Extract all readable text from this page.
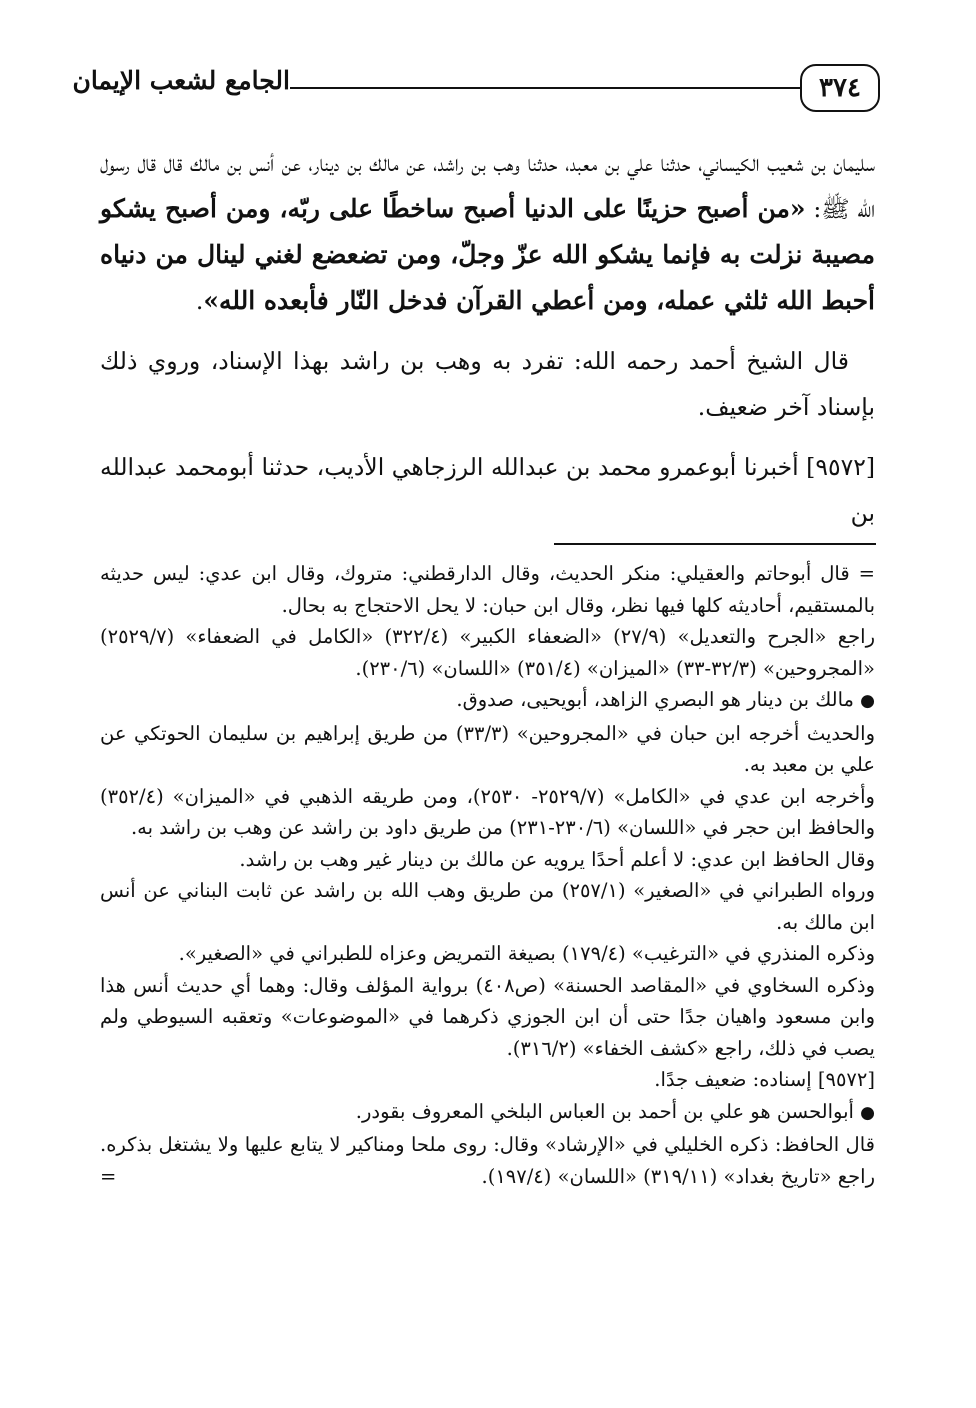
٣٧٤
الجامع لشعب الإيمان

سليمان بن شعيب الكيساني، حدثنا علي بن معبد، حدثنا وهب بن راشد، عن مالك بن دينار، عن أنس بن مالك قال قال رسول الله ﷺ: «من أصبح حزينًا على الدنيا أصبح ساخطًا على ربّه، ومن أصبح يشكو مصيبة نزلت به فإنما يشكو الله عزّ وجلّ، ومن تضعضع لغني لينال من دنياه أحبط الله ثلثي عمله، ومن أعطي القرآن فدخل النّار فأبعده الله».

قال الشيخ أحمد رحمه الله: تفرد به وهب بن راشد بهذا الإسناد، وروي ذلك بإسناد آخر ضعيف.

[٩٥٧٢] أخبرنا أبوعمرو محمد بن عبدالله الرزجاهي الأديب، حدثنا أبومحمد عبدالله بن

= قال أبوحاتم والعقيلي: منكر الحديث، وقال الدارقطني: متروك، وقال ابن عدي: ليس حديثه بالمستقيم، أحاديثه كلها فيها نظر، وقال ابن حبان: لا يحل الاحتجاج به بحال.

راجع «الجرح والتعديل» (٢٧/٩) «الضعفاء الكبير» (٣٢٢/٤) «الكامل في الضعفاء» (٢٥٢٩/٧) «المجروحين» (٣٢/٣-٣٣) «الميزان» (٣٥١/٤) «اللسان» (٢٣٠/٦).

● مالك بن دينار هو البصري الزاهد، أبويحيى، صدوق.

والحديث أخرجه ابن حبان في «المجروحين» (٣٣/٣) من طريق إبراهيم بن سليمان الحوتكي عن علي بن معبد به.

وأخرجه ابن عدي في «الكامل» (٢٥٢٩/٧- ٢٥٣٠)، ومن طريقه الذهبي في «الميزان» (٣٥٢/٤) والحافظ ابن حجر في «اللسان» (٢٣٠/٦-٢٣١) من طريق داود بن راشد عن وهب بن راشد به.

وقال الحافظ ابن عدي: لا أعلم أحدًا يرويه عن مالك بن دينار غير وهب بن راشد.

ورواه الطبراني في «الصغير» (٢٥٧/١) من طريق وهب الله بن راشد عن ثابت البناني عن أنس ابن مالك به.

وذكره المنذري في «الترغيب» (١٧٩/٤) بصيغة التمريض وعزاه للطبراني في «الصغير».

وذكره السخاوي في «المقاصد الحسنة» (ص٤٠٨) برواية المؤلف وقال: وهما أي حديث أنس هذا وابن مسعود واهيان جدًا حتى أن ابن الجوزي ذكرهما في «الموضوعات» وتعقبه السيوطي ولم يصب في ذلك، راجع «كشف الخفاء» (٣١٦/٢).

[٩٥٧٢] إسناده: ضعيف جدًا.

● أبوالحسن هو علي بن أحمد بن العباس البلخي المعروف بقودر.

قال الحافظ: ذكره الخليلي في «الإرشاد» وقال: روى ملحا ومناكير لا يتابع عليها ولا يشتغل بذكره. راجع «تاريخ بغداد» (٣١٩/١١) «اللسان» (١٩٧/٤).
=
